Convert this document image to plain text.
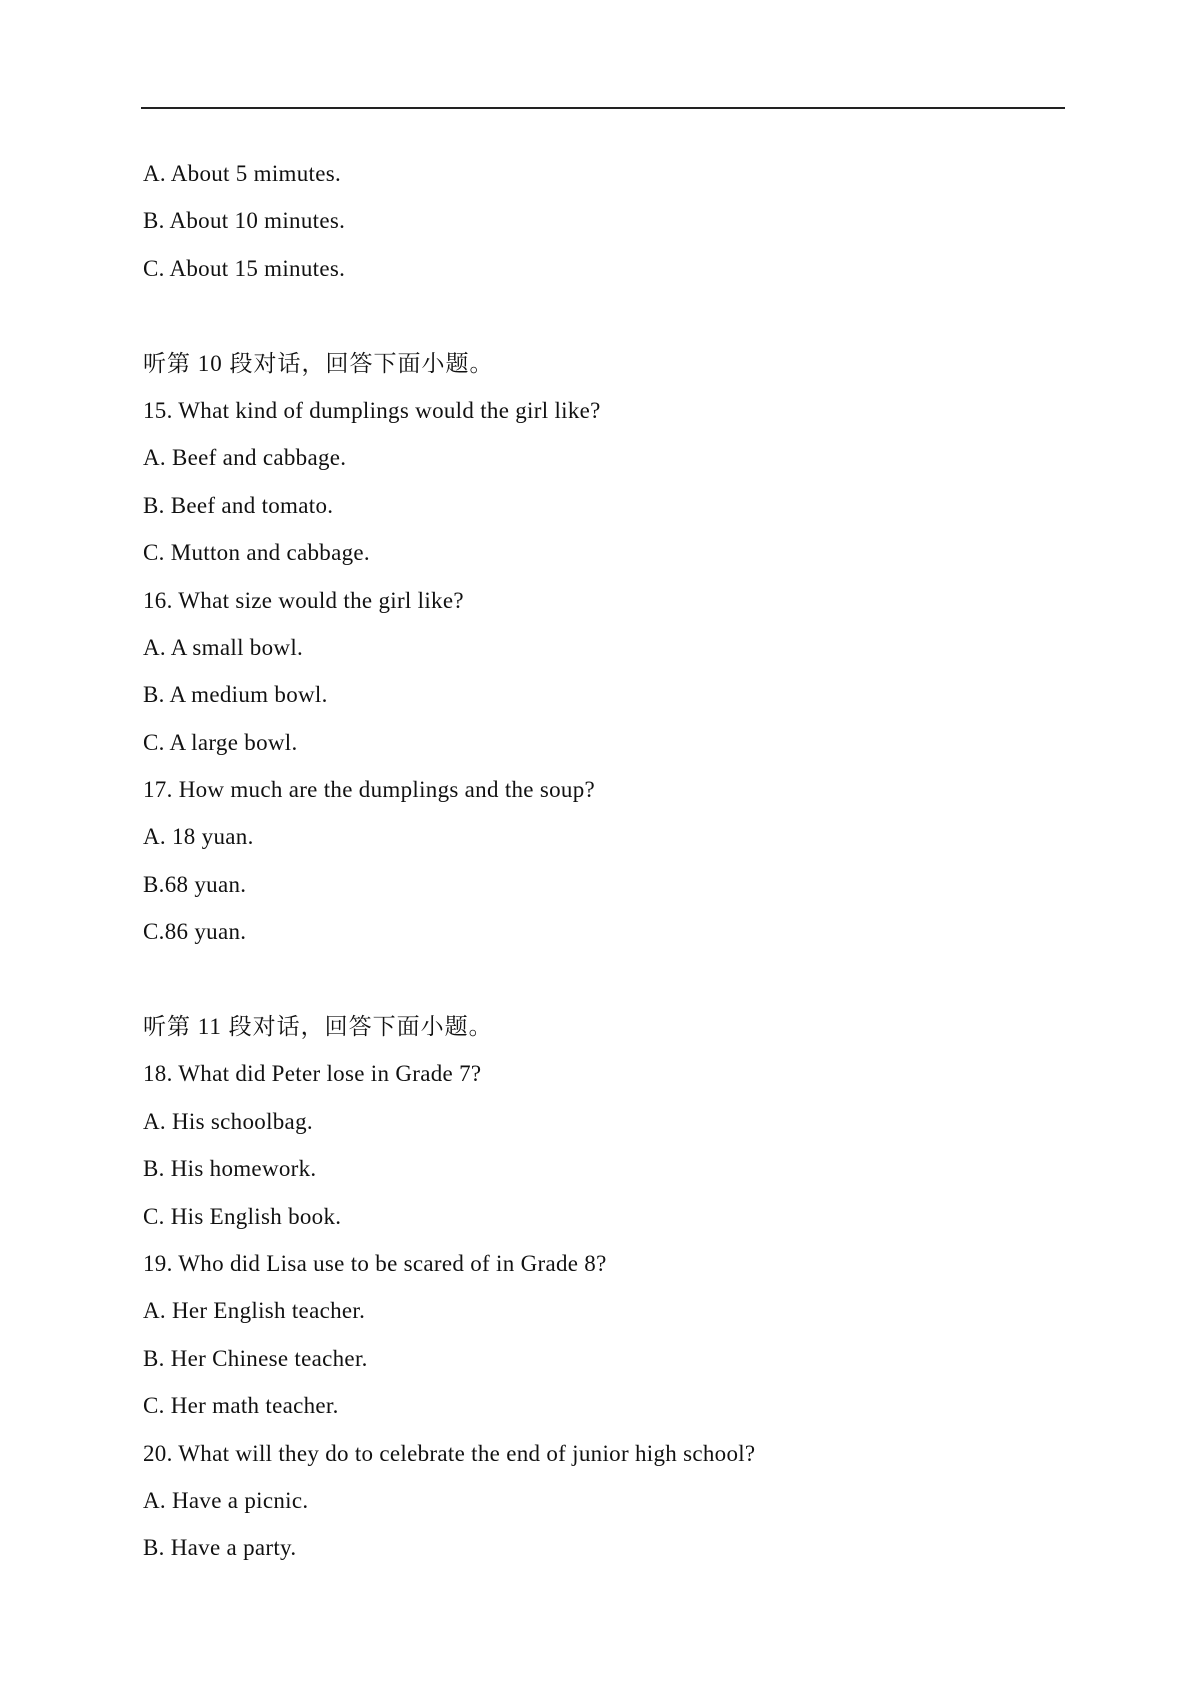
A. About 5 mimutes.
B. About 10 minutes.
C. About 15 minutes.
听第 10 段对话，回答下面小题。
15. What kind of dumplings would the girl like?
A. Beef and cabbage.
B. Beef and tomato.
C. Mutton and cabbage.
16. What size would the girl like?
A. A small bowl.
B. A medium bowl.
C. A large bowl.
17. How much are the dumplings and the soup?
A. 18 yuan.
B.68 yuan.
C.86 yuan.
听第 11 段对话，回答下面小题。
18. What did Peter lose in Grade 7?
A. His schoolbag.
B. His homework.
C. His English book.
19. Who did Lisa use to be scared of in Grade 8?
A. Her English teacher.
B. Her Chinese teacher.
C. Her math teacher.
20. What will they do to celebrate the end of junior high school?
A. Have a picnic.
B. Have a party.
